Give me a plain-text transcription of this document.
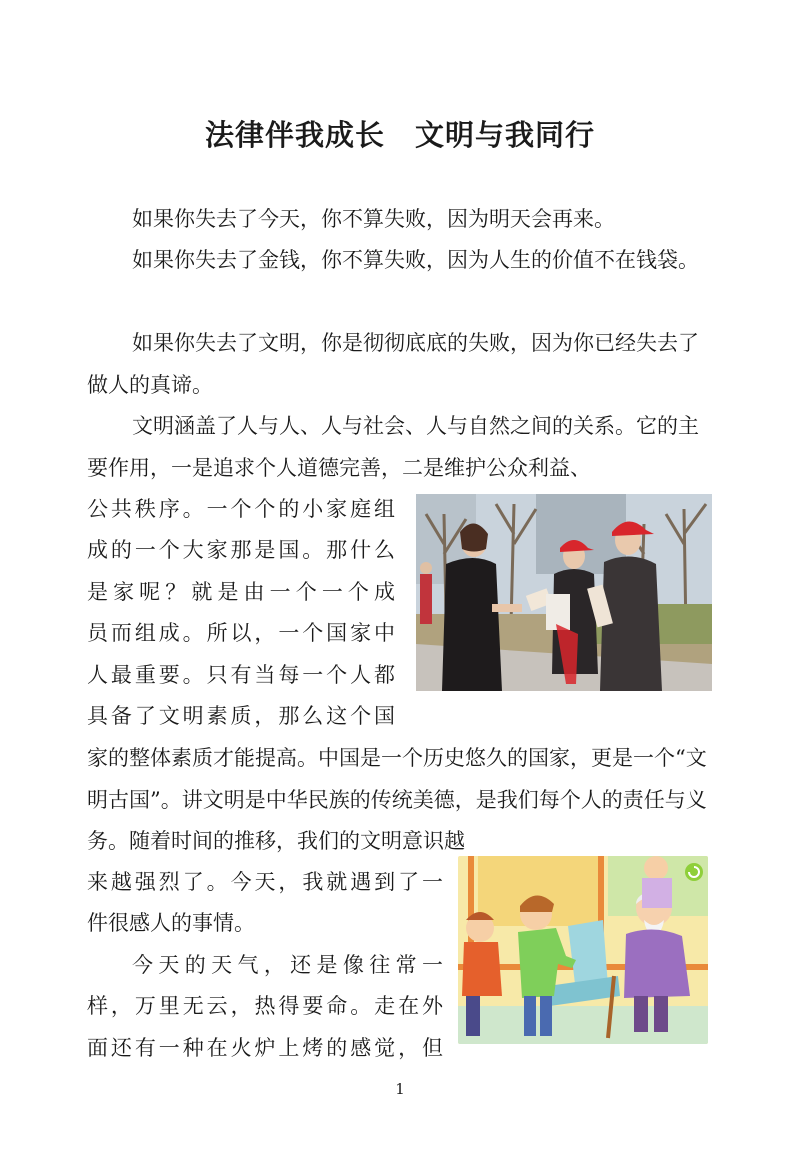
法律伴我成长　文明与我同行

如果你失去了今天，你不算失败，因为明天会再来。

如果你失去了金钱，你不算失败，因为人生的价值不在钱袋。

如果你失去了文明，你是彻彻底底的失败，因为你已经失去了做人的真谛。

文明涵盖了人与人、人与社会、人与自然之间的关系。它的主要作用，一是追求个人道德完善，二是维护公众利益、

公共秩序。一个个的小家庭组

成的一个大家那是国。那什么

是家呢？就是由一个一个成

员而组成。所以，一个国家中

人最重要。只有当每一个人都

具备了文明素质，那么这个国

家的整体素质才能提高。中国是一个历史悠久的国家，更是一个“文明古国”。讲文明是中华民族的传统美德，是我们每个人的责任与义务。随着时间的推移，我们的文明意识越

来越强烈了。今天，我就遇到了一

件很感人的事情。

今天的天气，还是像往常一

样，万里无云，热得要命。走在外

面还有一种在火炉上烤的感觉，但

1
